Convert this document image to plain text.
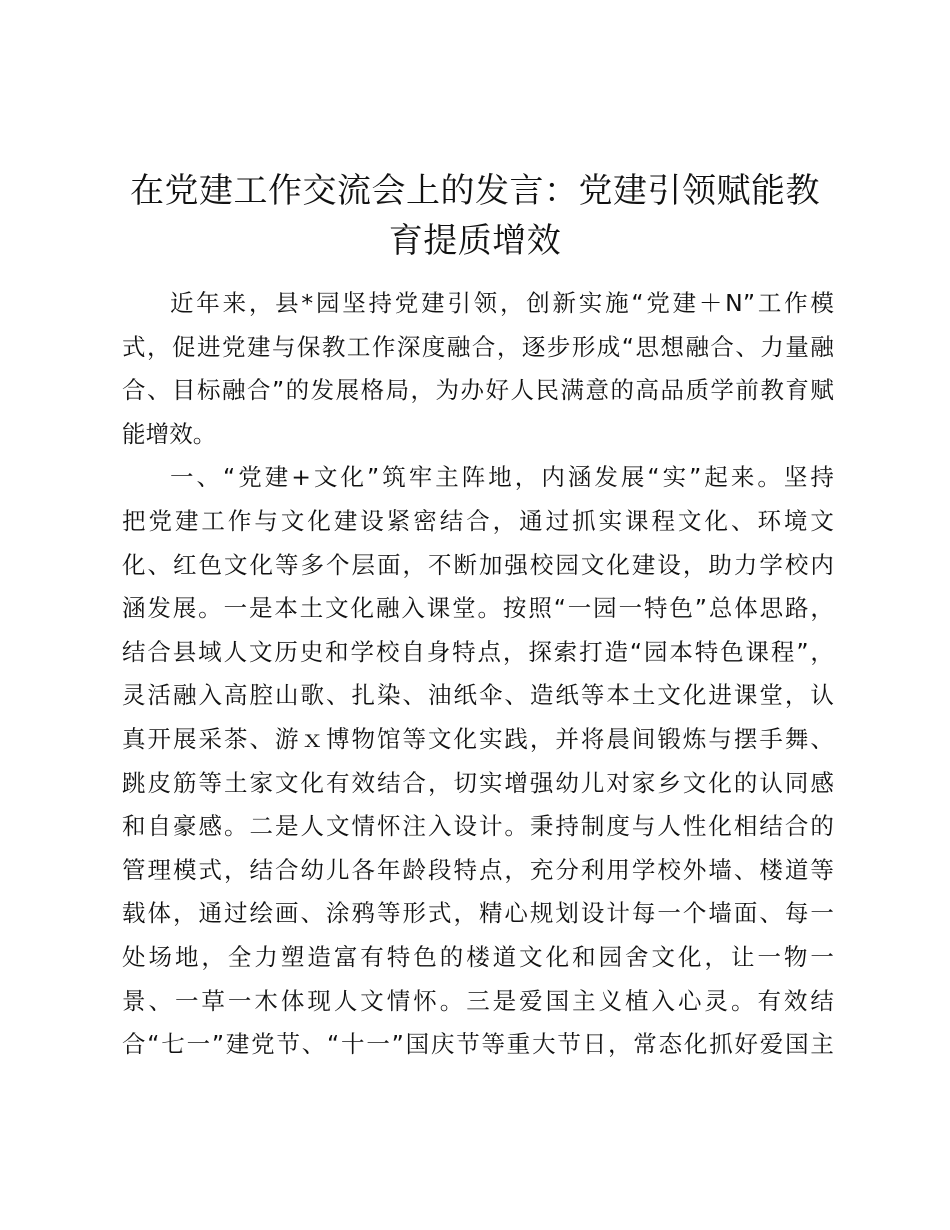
在党建工作交流会上的发言：党建引领赋能教
育提质增效
近年来，县*园坚持党建引领，创新实施“党建＋N”工作模
式，促进党建与保教工作深度融合，逐步形成“思想融合、力量融
合、目标融合”的发展格局，为办好人民满意的高品质学前教育赋
能增效。
一、“党建+文化”筑牢主阵地，内涵发展“实”起来。坚持
把党建工作与文化建设紧密结合，通过抓实课程文化、环境文
化、红色文化等多个层面，不断加强校园文化建设，助力学校内
涵发展。一是本土文化融入课堂。按照“一园一特色”总体思路，
结合县域人文历史和学校自身特点，探索打造“园本特色课程”，
灵活融入高腔山歌、扎染、油纸伞、造纸等本土文化进课堂，认
真开展采茶、游ｘ博物馆等文化实践，并将晨间锻炼与摆手舞、
跳皮筋等土家文化有效结合，切实增强幼儿对家乡文化的认同感
和自豪感。二是人文情怀注入设计。秉持制度与人性化相结合的
管理模式，结合幼儿各年龄段特点，充分利用学校外墙、楼道等
载体，通过绘画、涂鸦等形式，精心规划设计每一个墙面、每一
处场地，全力塑造富有特色的楼道文化和园舍文化，让一物一
景、一草一木体现人文情怀。三是爱国主义植入心灵。有效结
合“七一”建党节、“十一”国庆节等重大节日，常态化抓好爱国主
